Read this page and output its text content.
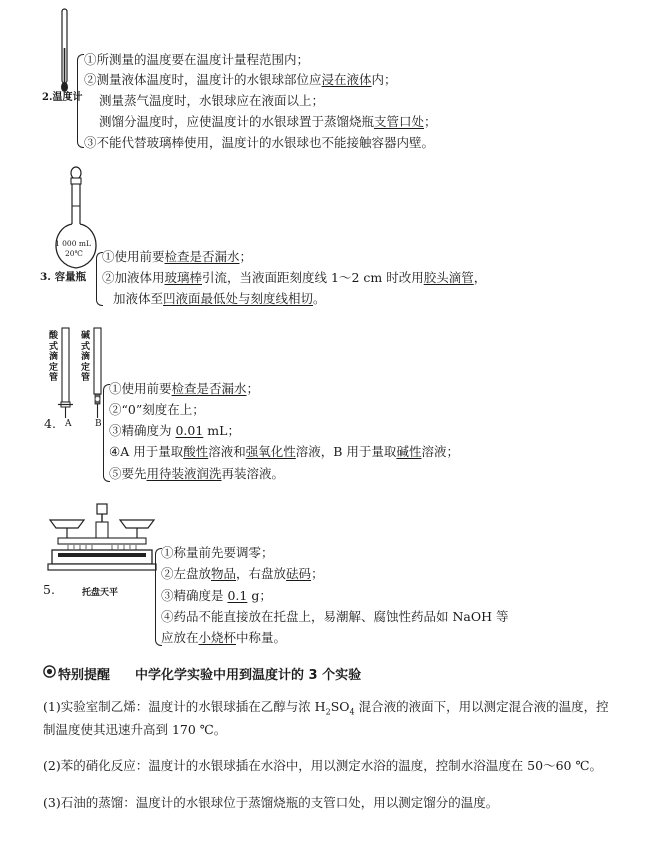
2.温度计
①所测量的温度要在温度计量程范围内；
②测量液体温度时，温度计的水银球部位应浸在液体内；
测量蒸气温度时，水银球应在液面以上；
测馏分温度时，应使温度计的水银球置于蒸馏烧瓶支管口处；
③不能代替玻璃棒使用，温度计的水银球也不能接触容器内壁。
1 000 mL
20℃
3. 容量瓶
①使用前要检查是否漏水；
②加液体用玻璃棒引流，当液面距刻度线 1～2 cm 时改用胶头滴管，
加液体至凹液面最低处与刻度线相切。
酸式滴定管
碱式滴定管
4. A	B
①使用前要检查是否漏水；
②“0”刻度在上；
③精确度为 0.01 mL；
④A 用于量取酸性溶液和强氧化性溶液，B 用于量取碱性溶液；
⑤要先用待装液润洗再装溶液。
5.	托盘天平
①称量前先要调零；
②左盘放物品，右盘放砝码；
③精确度是 0.1 g；
④药品不能直接放在托盘上，易潮解、腐蚀性药品如 NaOH 等
应放在小烧杯中称量。
特别提醒 中学化学实验中用到温度计的 3 个实验
(1)实验室制乙烯：温度计的水银球插在乙醇与浓 $H_2SO_4$ 混合液的液面下，用以测定混合液的温度，控
制温度使其迅速升高到 170 ℃。
(2)苯的硝化反应：温度计的水银球插在水浴中，用以测定水浴的温度，控制水浴温度在 50～60 ℃。
(3)石油的蒸馏：温度计的水银球位于蒸馏烧瓶的支管口处，用以测定馏分的温度。
